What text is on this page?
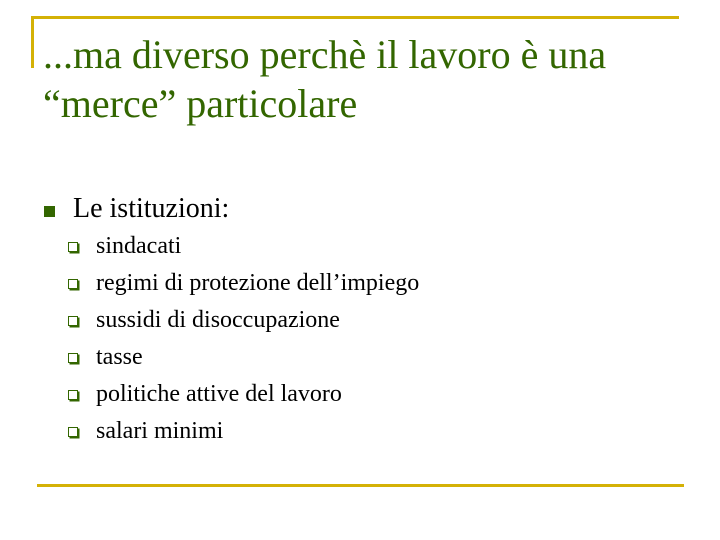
...ma diverso perchè il lavoro è una “merce” particolare
Le istituzioni:
sindacati
regimi di protezione dell’impiego
sussidi di disoccupazione
tasse
politiche attive del lavoro
salari minimi
